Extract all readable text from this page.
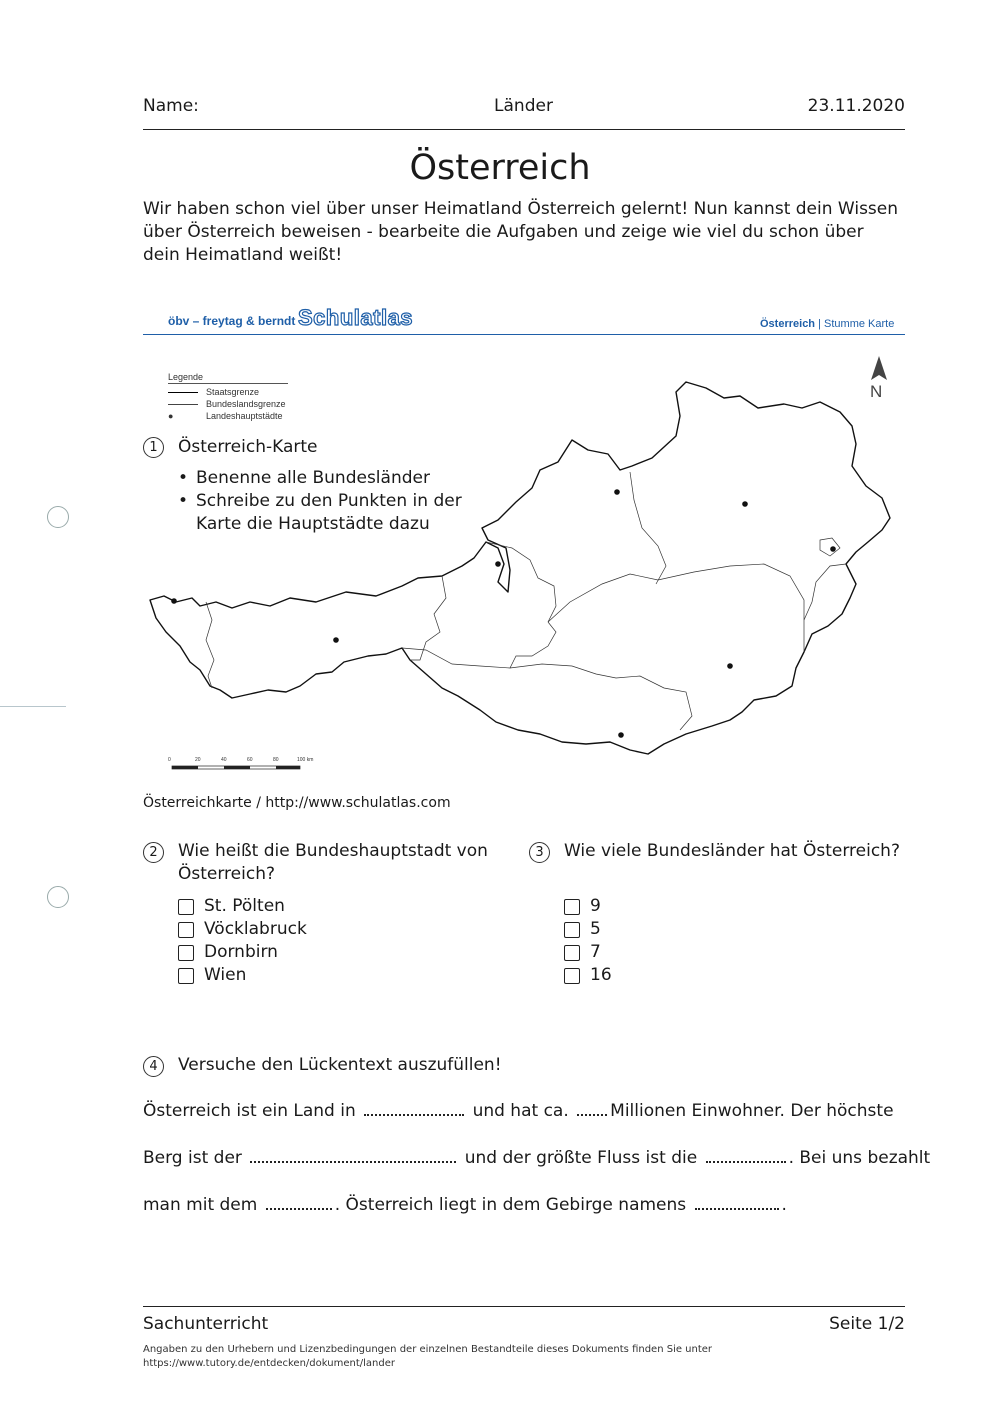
Name:	Länder	23.11.2020
Österreich
Wir haben schon viel über unser Heimatland Österreich gelernt! Nun kannst dein Wissen über Österreich beweisen - bearbeite die Aufgaben und zeige wie viel du schon über dein Heimatland weißt!
öbv – freytag & berndt Schulatlas	Österreich | Stumme Karte
Legende
Staatsgrenze
Bundeslandsgrenze
●	Landeshauptstädte
N
0	20	40	60	80	100 km
1	Österreich-Karte
• Benenne alle Bundesländer
• Schreibe zu den Punkten in der Karte die Hauptstädte dazu
Österreichkarte / http://www.schulatlas.com
2	Wie heißt die Bundeshauptstadt von Österreich?
St. Pölten
Vöcklabruck
Dornbirn
Wien
3	Wie viele Bundesländer hat Österreich?
9
5
7
16
4	Versuche den Lückentext auszufüllen!
Österreich ist ein Land in	und hat ca. Millionen Einwohner. Der höchste
Berg ist der	und der größte Fluss ist die	. Bei uns bezahlt
man mit dem	. Österreich liegt in dem Gebirge namens	.
Sachunterricht	Seite 1/2
Angaben zu den Urhebern und Lizenzbedingungen der einzelnen Bestandteile dieses Dokuments finden Sie unter
https://www.tutory.de/entdecken/dokument/lander
